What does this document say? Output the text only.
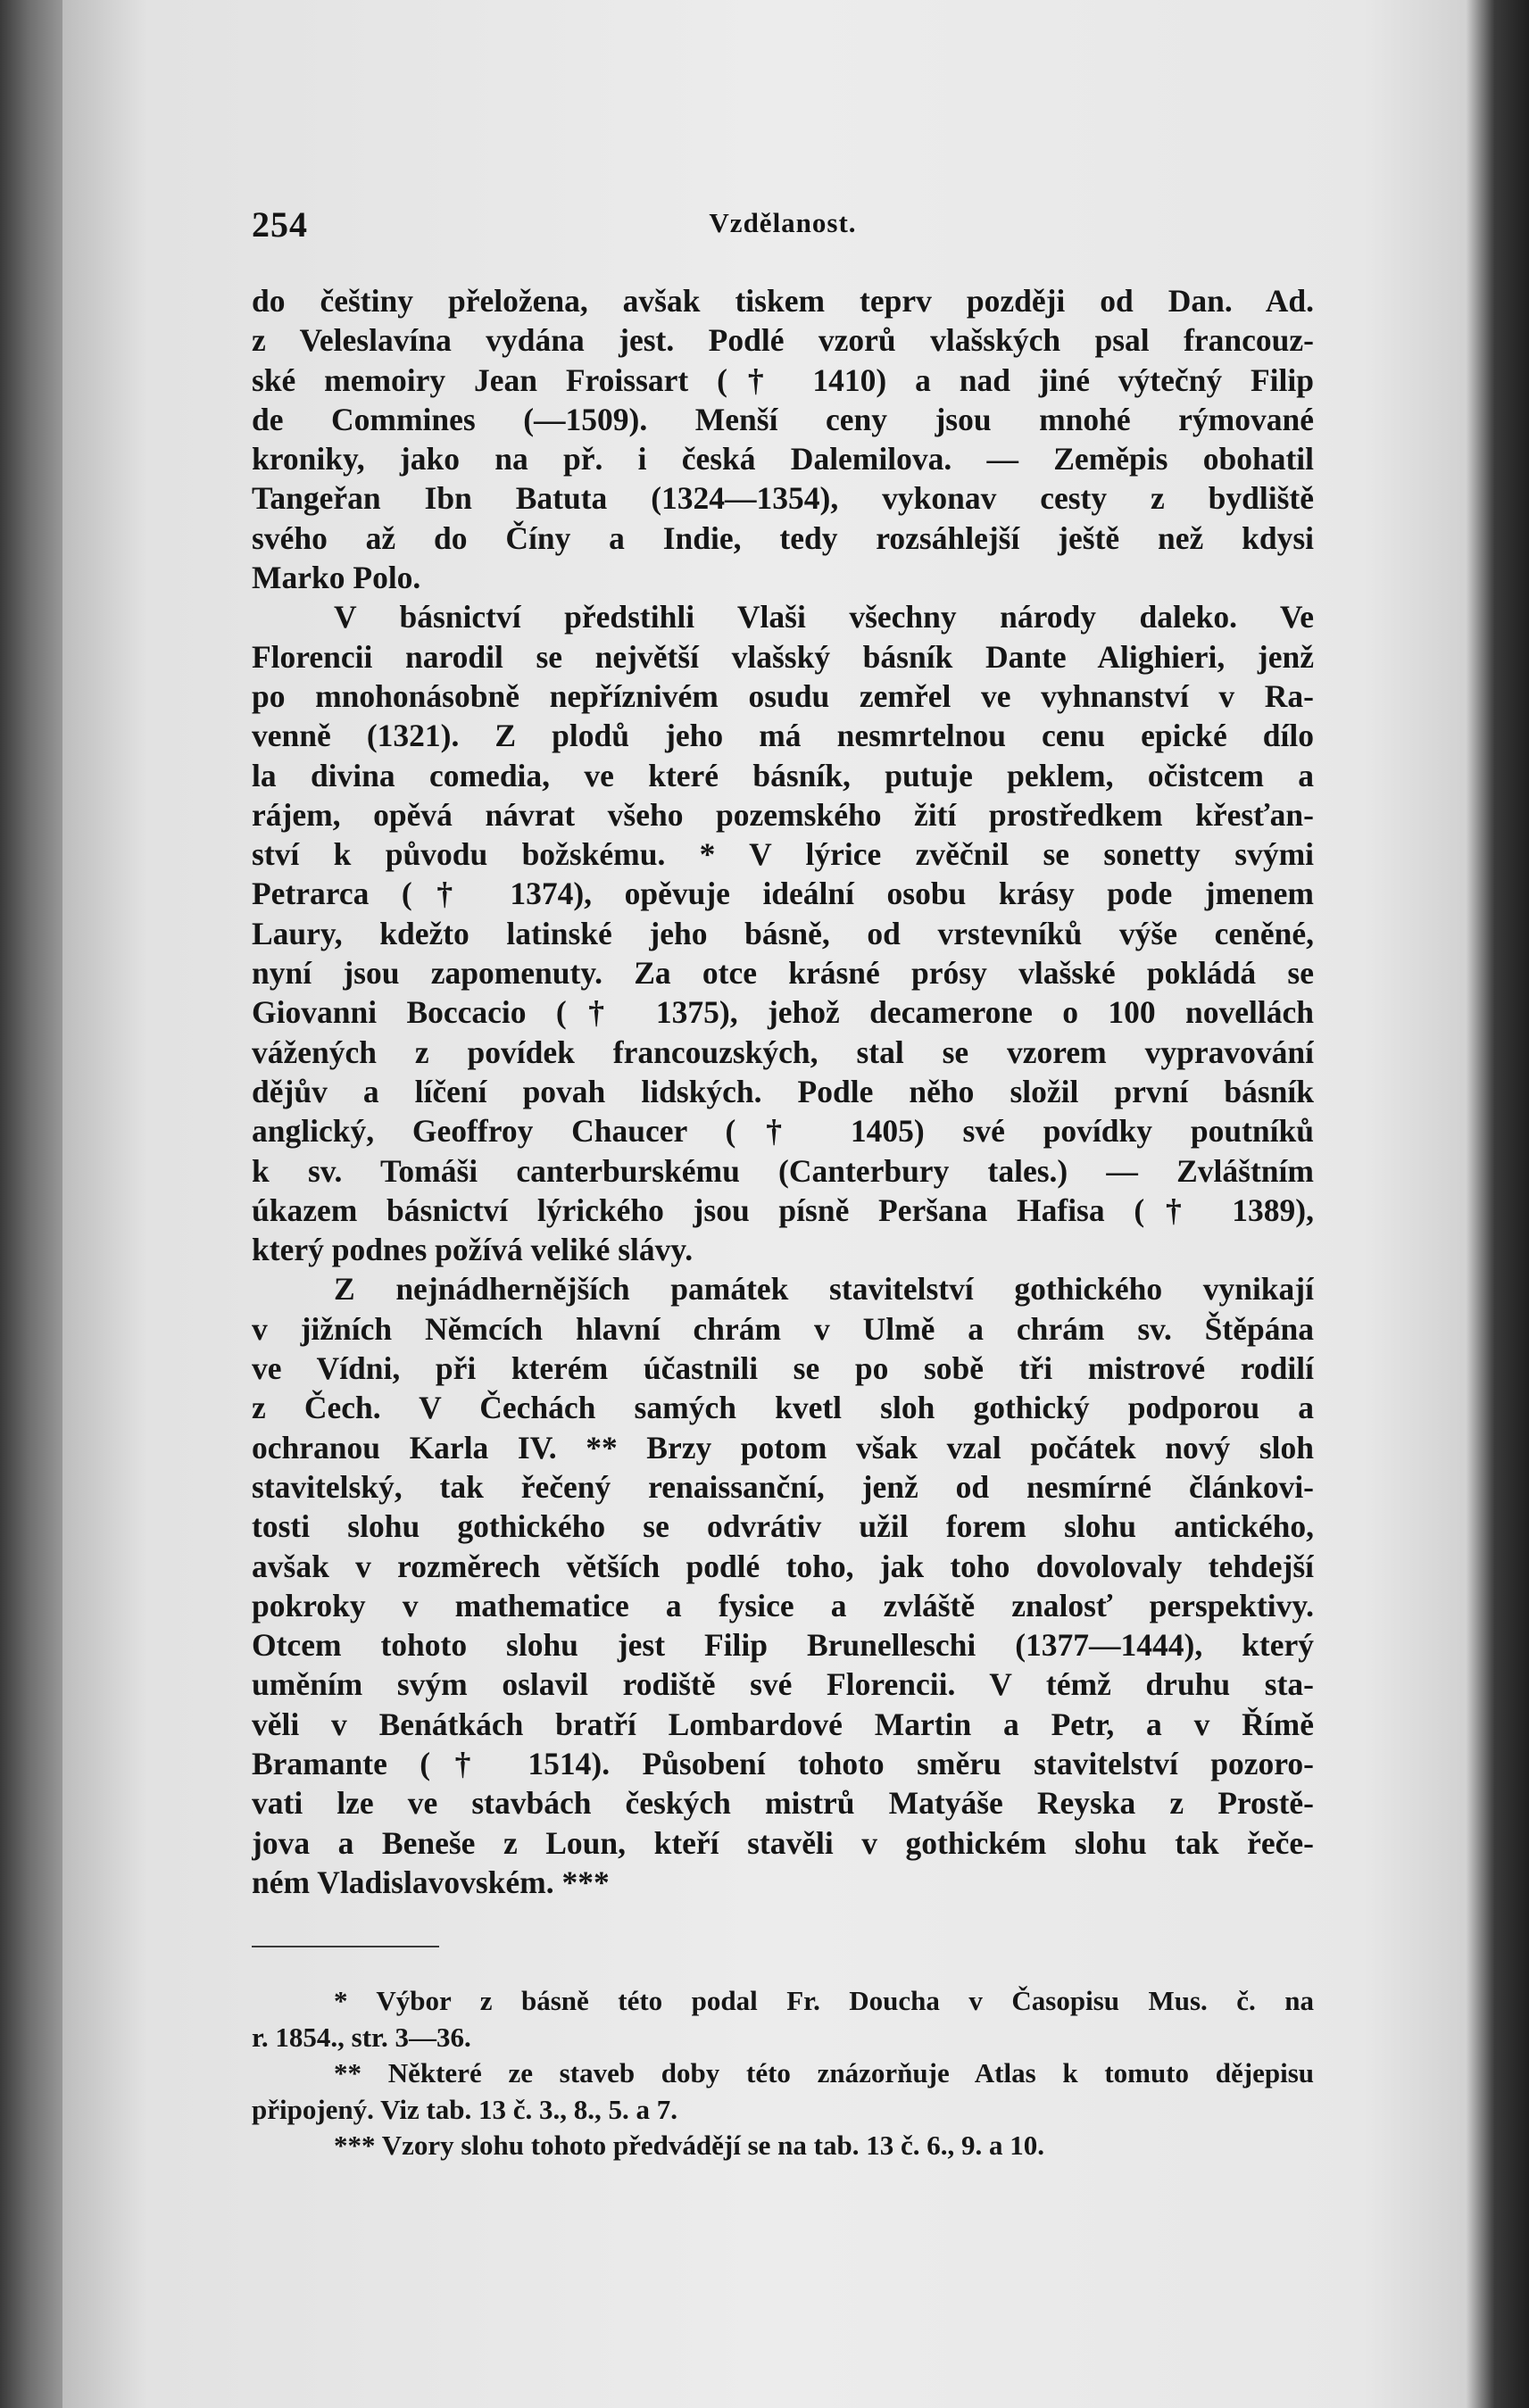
254	Vzdělanost.
do češtiny přeložena, avšak tiskem teprv později od Dan. Ad.
z Veleslavína vydána jest. Podlé vzorů vlašských psal francouz-
ské memoiry Jean Froissart († 1410) a nad jiné výtečný Filip
de Commines (—1509). Menší ceny jsou mnohé rýmované
kroniky, jako na př. i česká Dalemilova. — Zeměpis obohatil
Tangeřan Ibn Batuta (1324—1354), vykonav cesty z bydliště
svého až do Číny a Indie, tedy rozsáhlejší ještě než kdysi
Marko Polo.
V básnictví předstihli Vlaši všechny národy daleko. Ve
Florencii narodil se největší vlašský básník Dante Alighieri, jenž
po mnohonásobně nepříznivém osudu zemřel ve vyhnanství v Ra-
venně (1321). Z plodů jeho má nesmrtelnou cenu epické dílo
la divina comedia, ve které básník, putuje peklem, očistcem a
rájem, opěvá návrat všeho pozemského žití prostředkem křesťan-
ství k původu božskému. * V lýrice zvěčnil se sonetty svými
Petrarca († 1374), opěvuje ideální osobu krásy pode jmenem
Laury, kdežto latinské jeho básně, od vrstevníků výše ceněné,
nyní jsou zapomenuty. Za otce krásné prósy vlašské pokládá se
Giovanni Boccacio († 1375), jehož decamerone o 100 novellách
vážených z povídek francouzských, stal se vzorem vypravování
dějův a líčení povah lidských. Podle něho složil první básník
anglický, Geoffroy Chaucer († 1405) své povídky poutníků
k sv. Tomáši canterburskému (Canterbury tales.) — Zvláštním
úkazem básnictví lýrického jsou písně Peršana Hafisa († 1389),
který podnes požívá veliké slávy.
Z nejnádhernějších památek stavitelství gothického vynikají
v jižních Němcích hlavní chrám v Ulmě a chrám sv. Štěpána
ve Vídni, při kterém účastnili se po sobě tři mistrové rodilí
z Čech. V Čechách samých kvetl sloh gothický podporou a
ochranou Karla IV. ** Brzy potom však vzal počátek nový sloh
stavitelský, tak řečený renaissanční, jenž od nesmírné článkovi-
tosti slohu gothického se odvrátiv užil forem slohu antického,
avšak v rozměrech větších podlé toho, jak toho dovolovaly tehdejší
pokroky v mathematice a fysice a zvláště znalosť perspektivy.
Otcem tohoto slohu jest Filip Brunelleschi (1377—1444), který
uměním svým oslavil rodiště své Florencii. V témž druhu sta-
věli v Benátkách bratří Lombardové Martin a Petr, a v Římě
Bramante († 1514). Působení tohoto směru stavitelství pozoro-
vati lze ve stavbách českých mistrů Matyáše Reyska z Prostě-
jova a Beneše z Loun, kteří stavěli v gothickém slohu tak řeče-
ném Vladislavovském. ***
* Výbor z básně této podal Fr. Doucha v Časopisu Mus. č. na
r. 1854., str. 3—36.
** Některé ze staveb doby této znázorňuje Atlas k tomuto dějepisu
připojený. Viz tab. 13 č. 3., 8., 5. a 7.
*** Vzory slohu tohoto předvádějí se na tab. 13 č. 6., 9. a 10.
